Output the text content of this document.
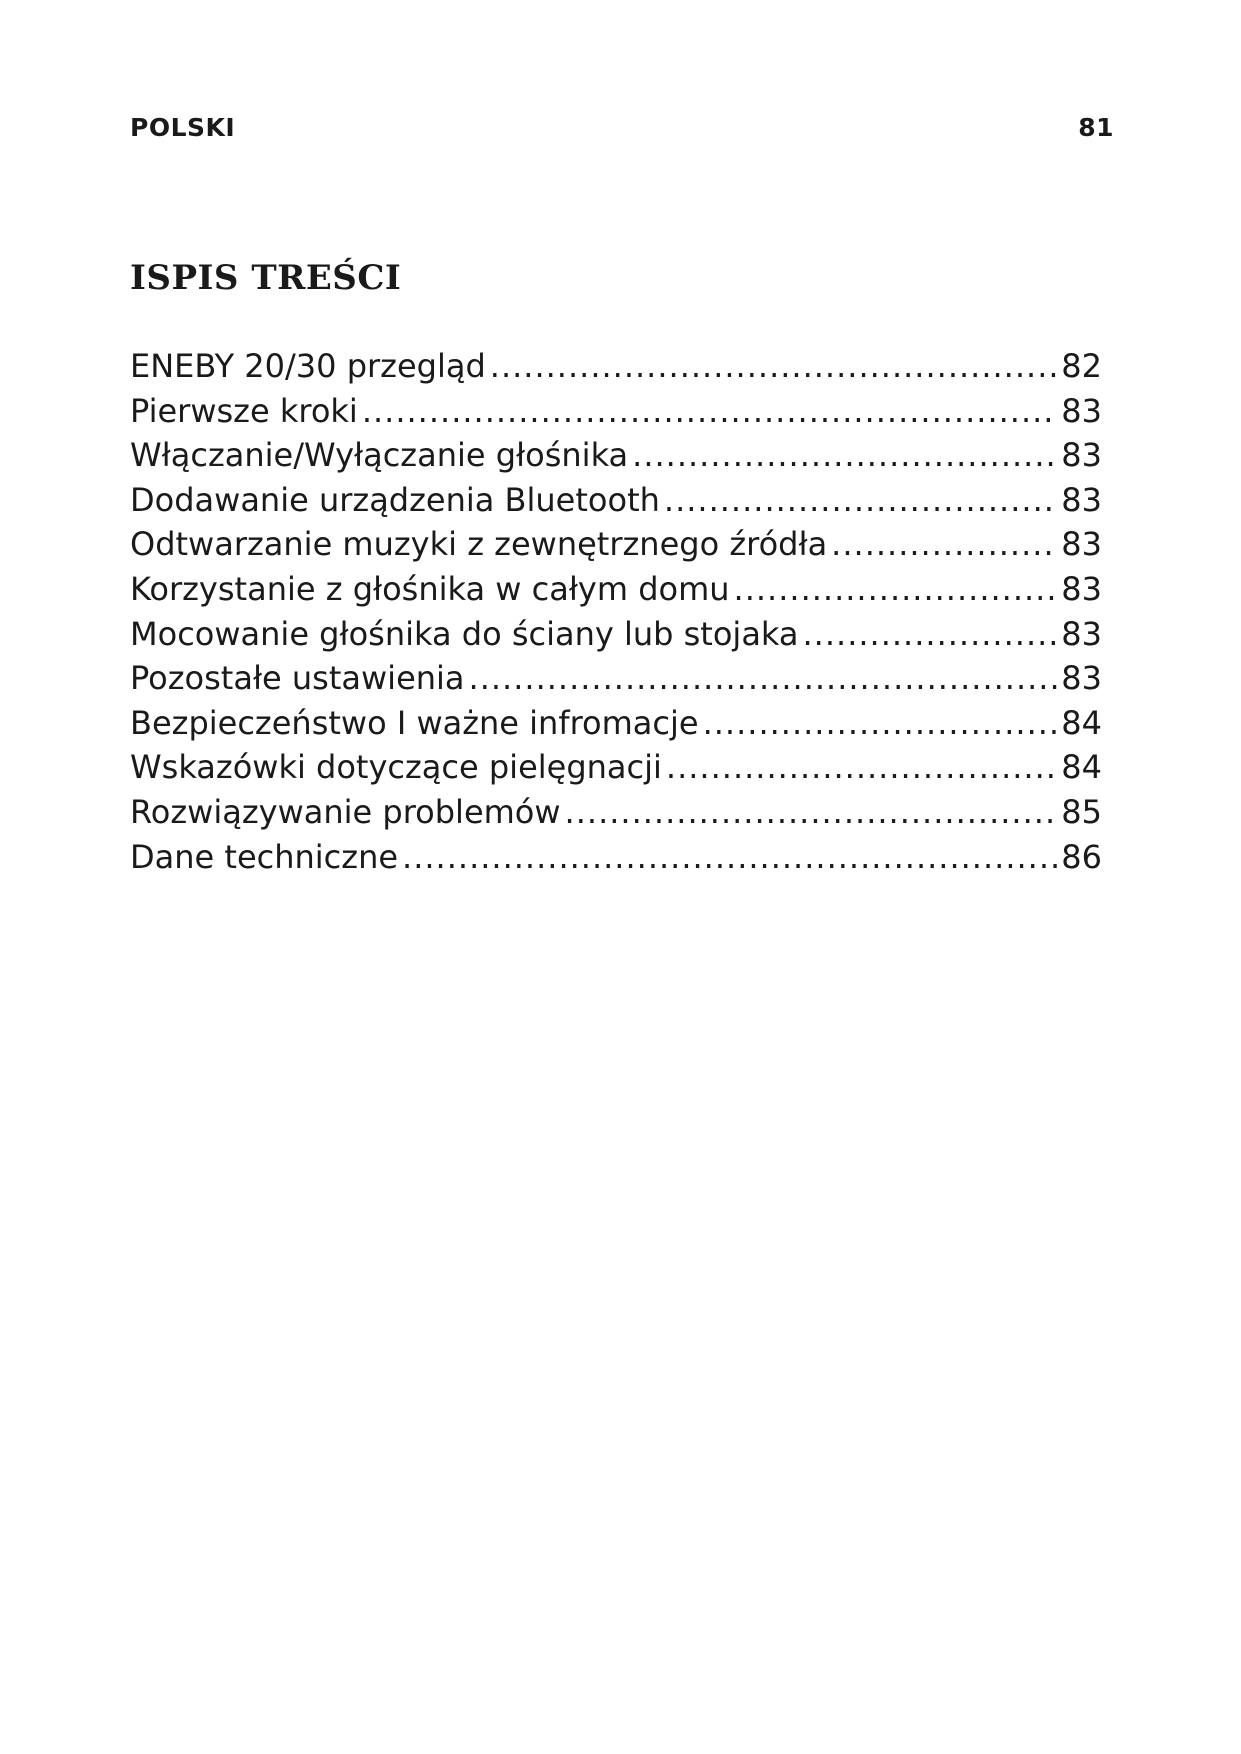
POLSKI	81
ISPIS TREŚCI
ENEBY 20/30 przegląd .....	82
Pierwsze kroki .....	83
Włączanie/Wyłączanie głośnika .....	83
Dodawanie urządzenia Bluetooth .....	83
Odtwarzanie muzyki z zewnętrznego źródła .....	83
Korzystanie z głośnika w całym domu .....	83
Mocowanie głośnika do ściany lub stojaka .....	83
Pozostałe ustawienia .....	83
Bezpieczeństwo I ważne infromacje .....	84
Wskazówki dotyczące pielęgnacji .....	84
Rozwiązywanie problemów .....	85
Dane techniczne .....	86
